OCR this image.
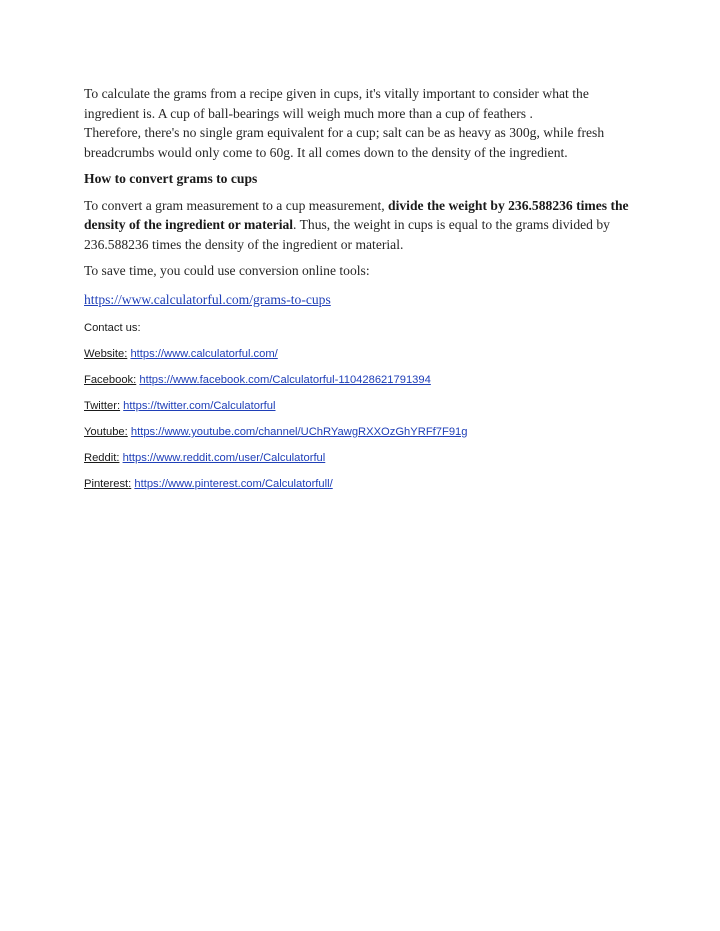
To calculate the grams from a recipe given in cups, it's vitally important to consider what the ingredient is. A cup of ball-bearings will weigh much more than a cup of feathers .
Therefore, there's no single gram equivalent for a cup; salt can be as heavy as 300g, while fresh breadcrumbs would only come to 60g. It all comes down to the density of the ingredient.

How to convert grams to cups

To convert a gram measurement to a cup measurement, divide the weight by 236.588236 times the density of the ingredient or material. Thus, the weight in cups is equal to the grams divided by 236.588236 times the density of the ingredient or material.

To save time, you could use conversion online tools:

https://www.calculatorful.com/grams-to-cups

Contact us:
Website: https://www.calculatorful.com/
Facebook: https://www.facebook.com/Calculatorful-110428621791394
Twitter: https://twitter.com/Calculatorful
Youtube: https://www.youtube.com/channel/UChRYawgRXXOzGhYRFf7F91g
Reddit: https://www.reddit.com/user/Calculatorful
Pinterest: https://www.pinterest.com/Calculatorfull/
